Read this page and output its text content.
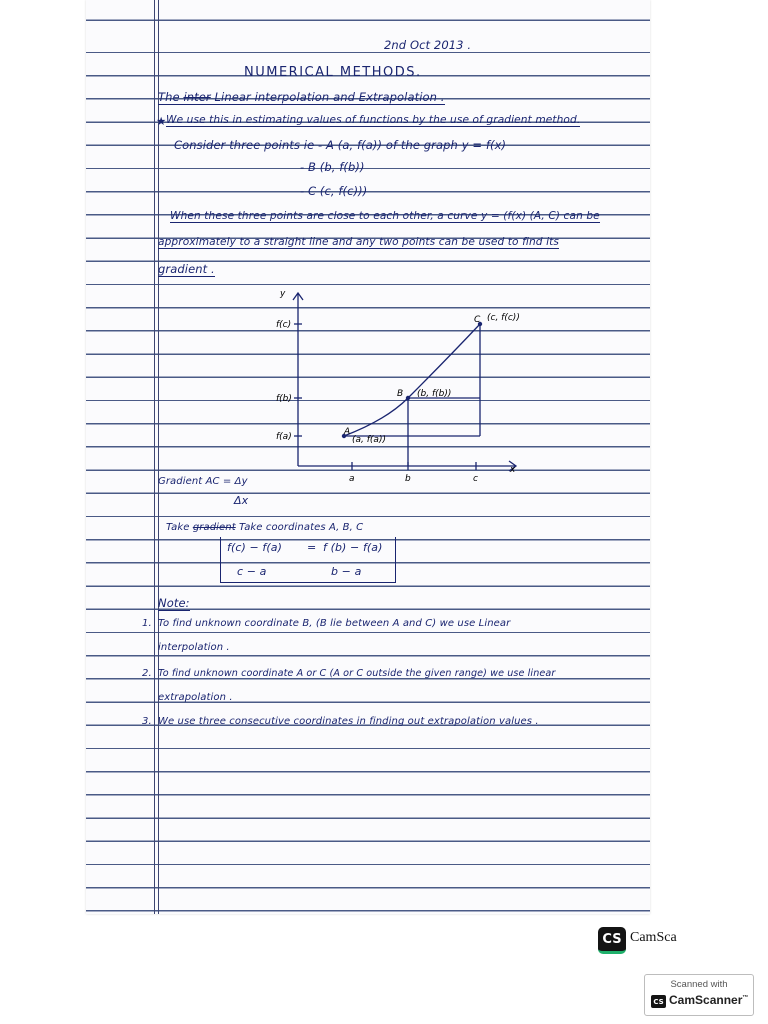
2nd Oct 2013 .
NUMERICAL METHODS.
The inter Linear interpolation and Extrapolation .
★ We use this in estimating values of functions by the use of gradient method.
Consider three points ie - A (a, f(a)) of the graph y = f(x)
- B (b, f(b))
- C (c, f(c)))
When these three points are close to each other, a curve y = (f(x) (A, C) can be
approximately to a straight line and any two points can be used to find its
gradient .
y
x
f(c)
f(b)
f(a)	A
(a, f(a))
B (b, f(b))
C (c, f(c))
a	b	c
Gradient AC = Δy
Δx
Take gradient Take coordinates A, B, C
f(c) − f(a) = f (b) − f(a)
c − a	b − a
Note:
1. To find unknown coordinate B, (B lie between A and C) we use Linear
interpolation .
2. To find unknown coordinate A or C (A or C outside the given range) we use linear
extrapolation .
3. We use three consecutive coordinates in finding out extrapolation values .
CS CamSca
Scanned with
CS CamScanner™
